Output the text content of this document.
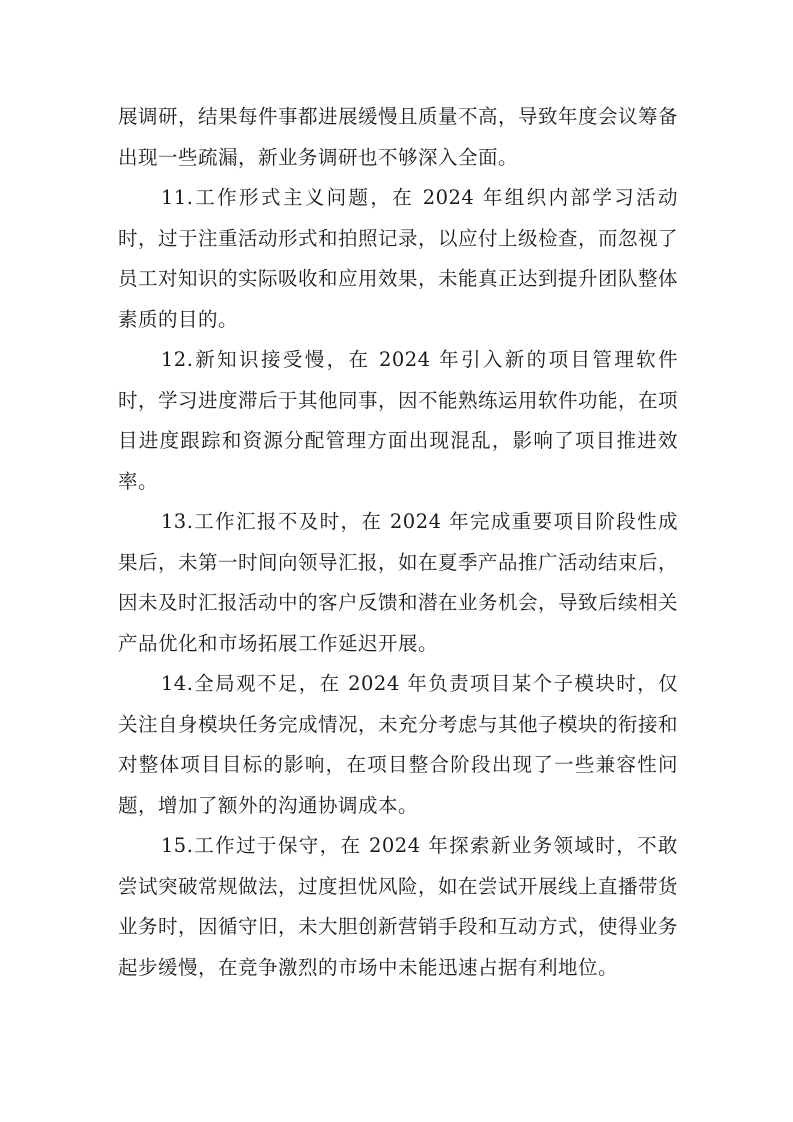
展调研，结果每件事都进展缓慢且质量不高，导致年度会议筹备出现一些疏漏，新业务调研也不够深入全面。

11.工作形式主义问题，在 2024 年组织内部学习活动时，过于注重活动形式和拍照记录，以应付上级检查，而忽视了员工对知识的实际吸收和应用效果，未能真正达到提升团队整体素质的目的。

12.新知识接受慢，在 2024 年引入新的项目管理软件时，学习进度滞后于其他同事，因不能熟练运用软件功能，在项目进度跟踪和资源分配管理方面出现混乱，影响了项目推进效率。

13.工作汇报不及时，在 2024 年完成重要项目阶段性成果后，未第一时间向领导汇报，如在夏季产品推广活动结束后，因未及时汇报活动中的客户反馈和潜在业务机会，导致后续相关产品优化和市场拓展工作延迟开展。

14.全局观不足，在 2024 年负责项目某个子模块时，仅关注自身模块任务完成情况，未充分考虑与其他子模块的衔接和对整体项目目标的影响，在项目整合阶段出现了一些兼容性问题，增加了额外的沟通协调成本。

15.工作过于保守，在 2024 年探索新业务领域时，不敢尝试突破常规做法，过度担忧风险，如在尝试开展线上直播带货业务时，因循守旧，未大胆创新营销手段和互动方式，使得业务起步缓慢，在竞争激烈的市场中未能迅速占据有利地位。
